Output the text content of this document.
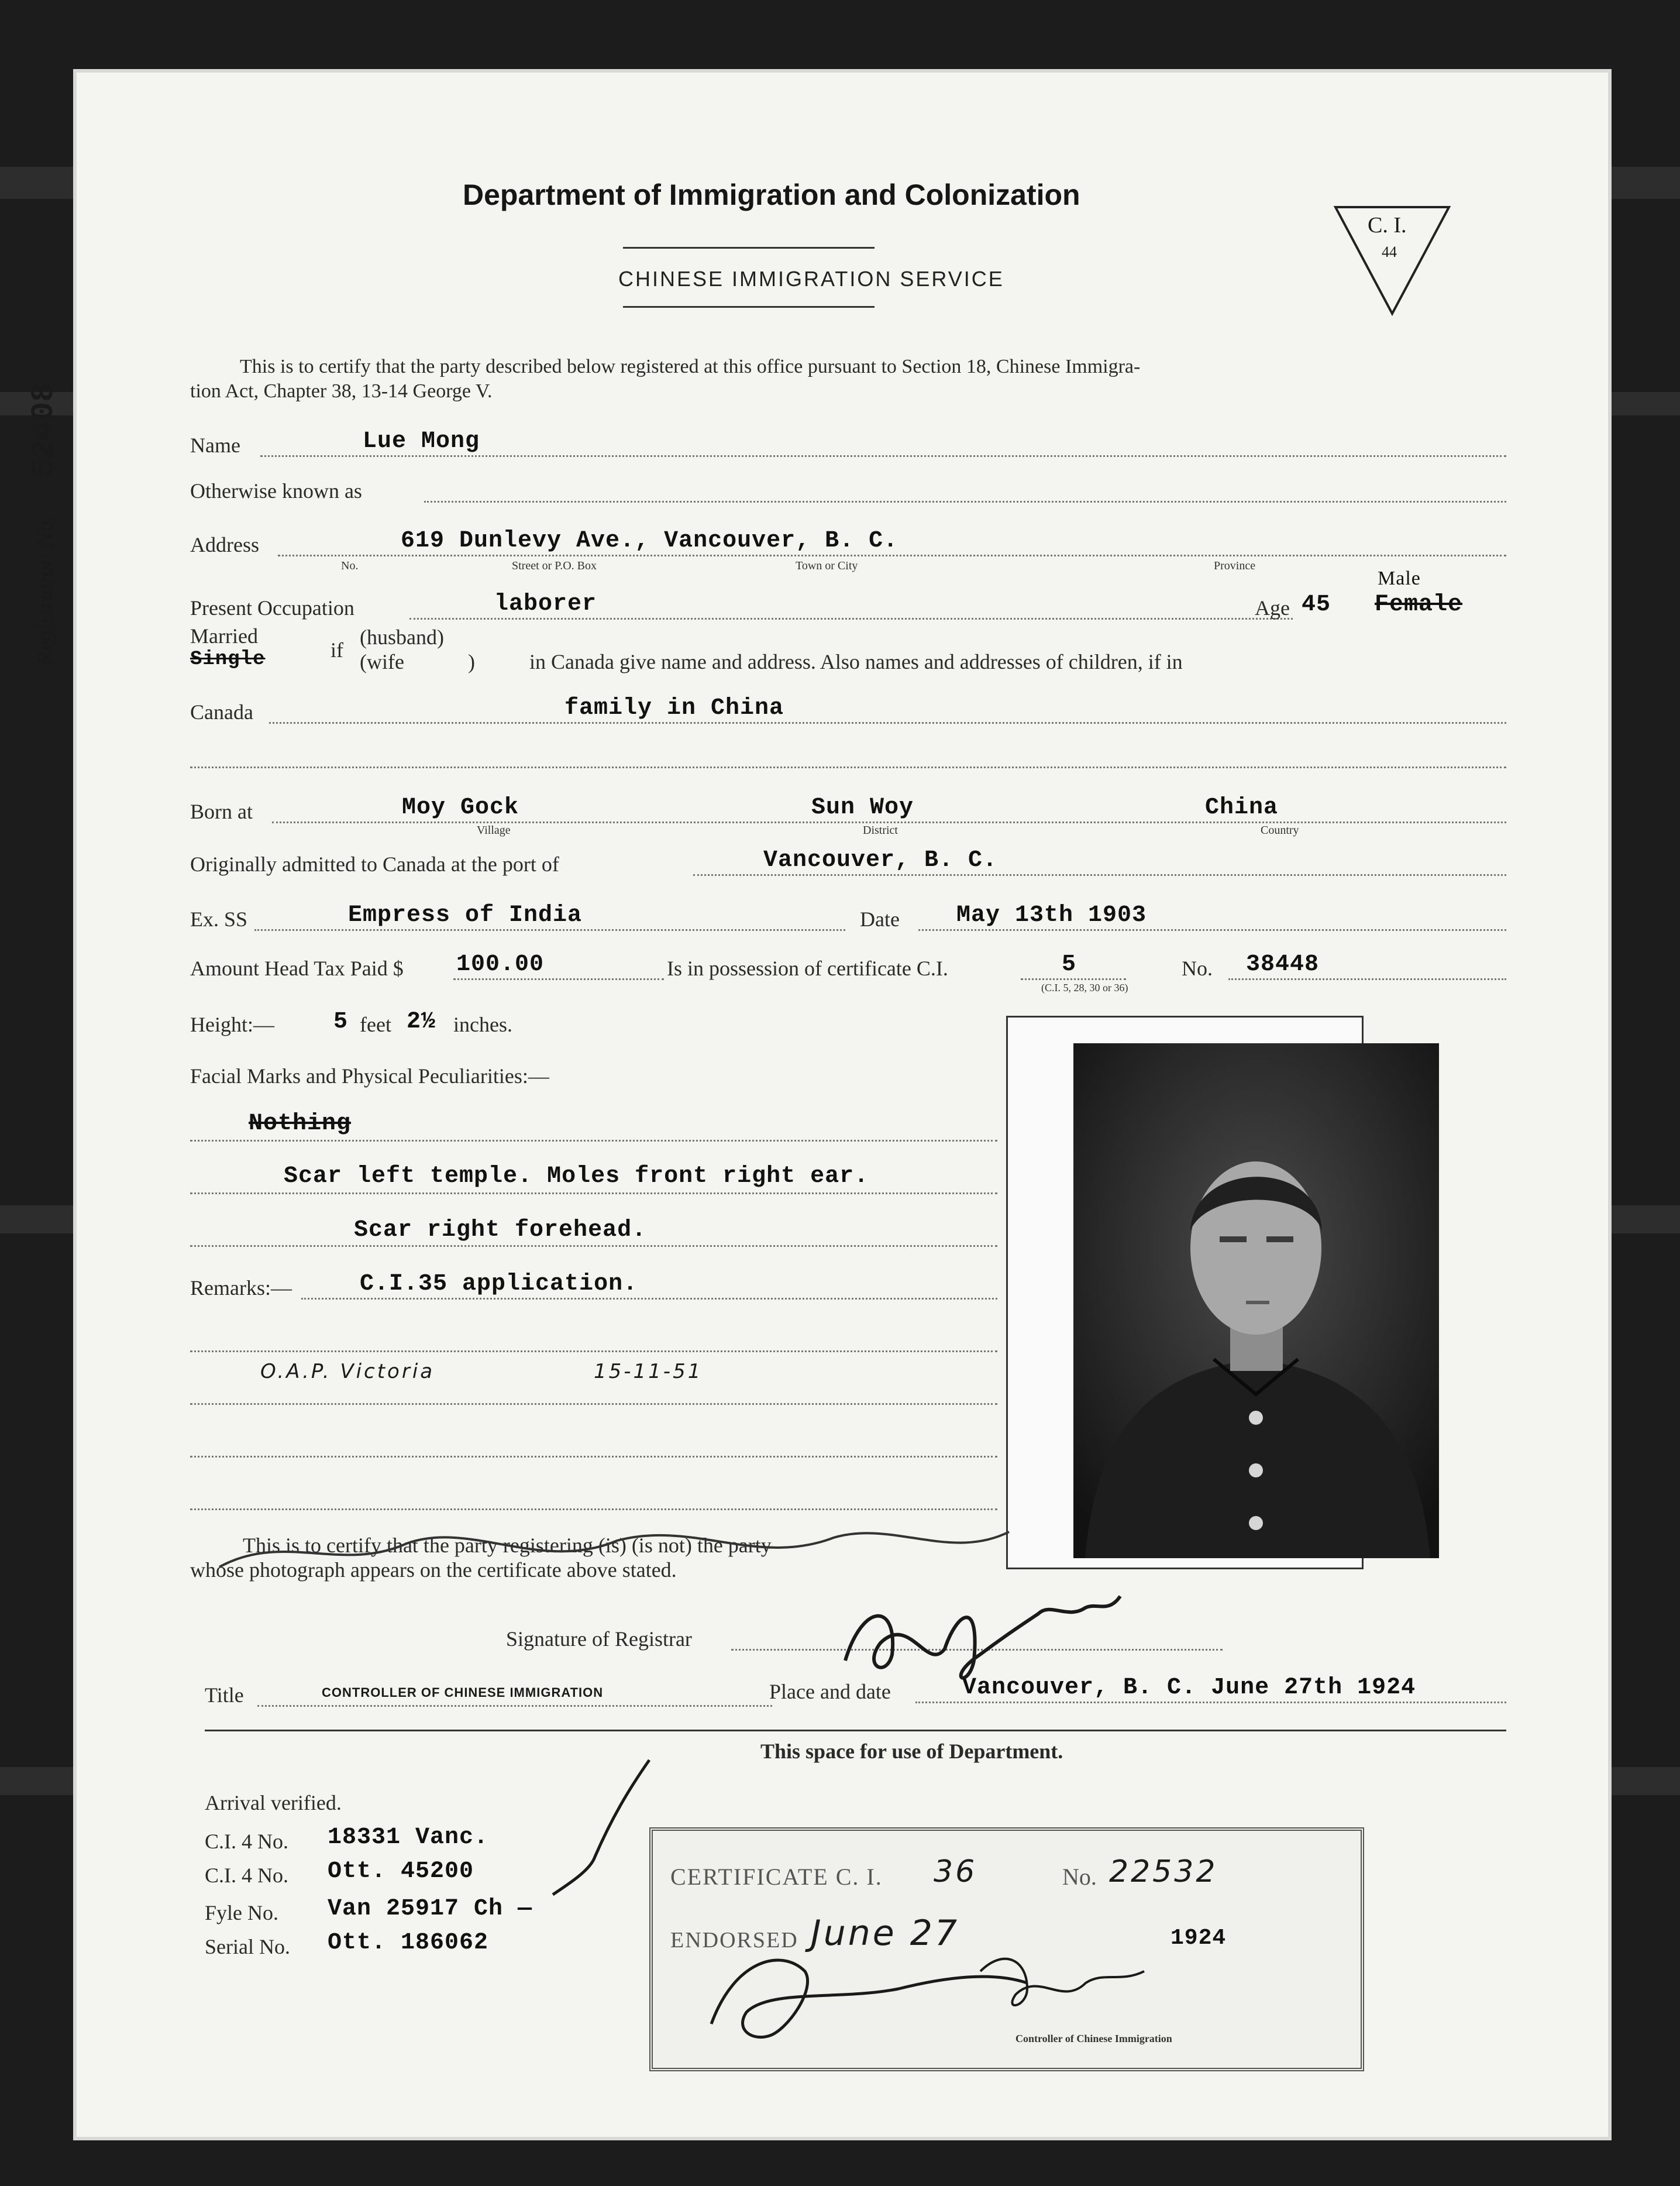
Department of Immigration and Colonization
CHINESE IMMIGRATION SERVICE
C. I.
44
Registration No. 52408
This is to certify that the party described below registered at this office pursuant to Section 18, Chinese Immigra-
tion Act, Chapter 38, 13-14 George V.
Name	Lue Mong
Otherwise known as
Address	619 Dunlevy Ave., Vancouver, B. C.
No.	Street or P.O. Box	Town or City	Province
Present Occupation	laborer	Age 45
Male
Female
Married
Single	if
(husband)
(wife	)	in Canada give name and address. Also names and addresses of children, if in
Canada	family in China
Born at	Moy Gock
Village
Sun Woy
District
China
Country
Originally admitted to Canada at the port of	Vancouver, B. C.
Ex. SS	Empress of India	Date May 13th 1903
Amount Head Tax Paid $ 100.00	Is in possession of certificate C.I.	5
(C.I. 5, 28, 30 or 36)
No. 38448
Height:—	5 feet 2½ inches.
Facial Marks and Physical Peculiarities:—
Nothing
Scar left temple. Moles front right ear.
Scar right forehead.
Remarks:—	C.I.35 application.
O.A.P. Victoria	15-11-51
This is to certify that the party registering (is) (is not) the party
whose photograph appears on the certificate above stated.
Signature of Registrar
Title	CONTROLLER OF CHINESE IMMIGRATION	Place and date	Vancouver, B. C. June 27th 1924
This space for use of Department.
Arrival verified.
C.I. 4 No. 18331 Vanc.
C.I. 4 No. Ott. 45200
Fyle No. Van 25917 Ch —
Serial No. Ott. 186062
CERTIFICATE C. I. 36	No. 22532
ENDORSED June 27	1924
Controller of Chinese Immigration
